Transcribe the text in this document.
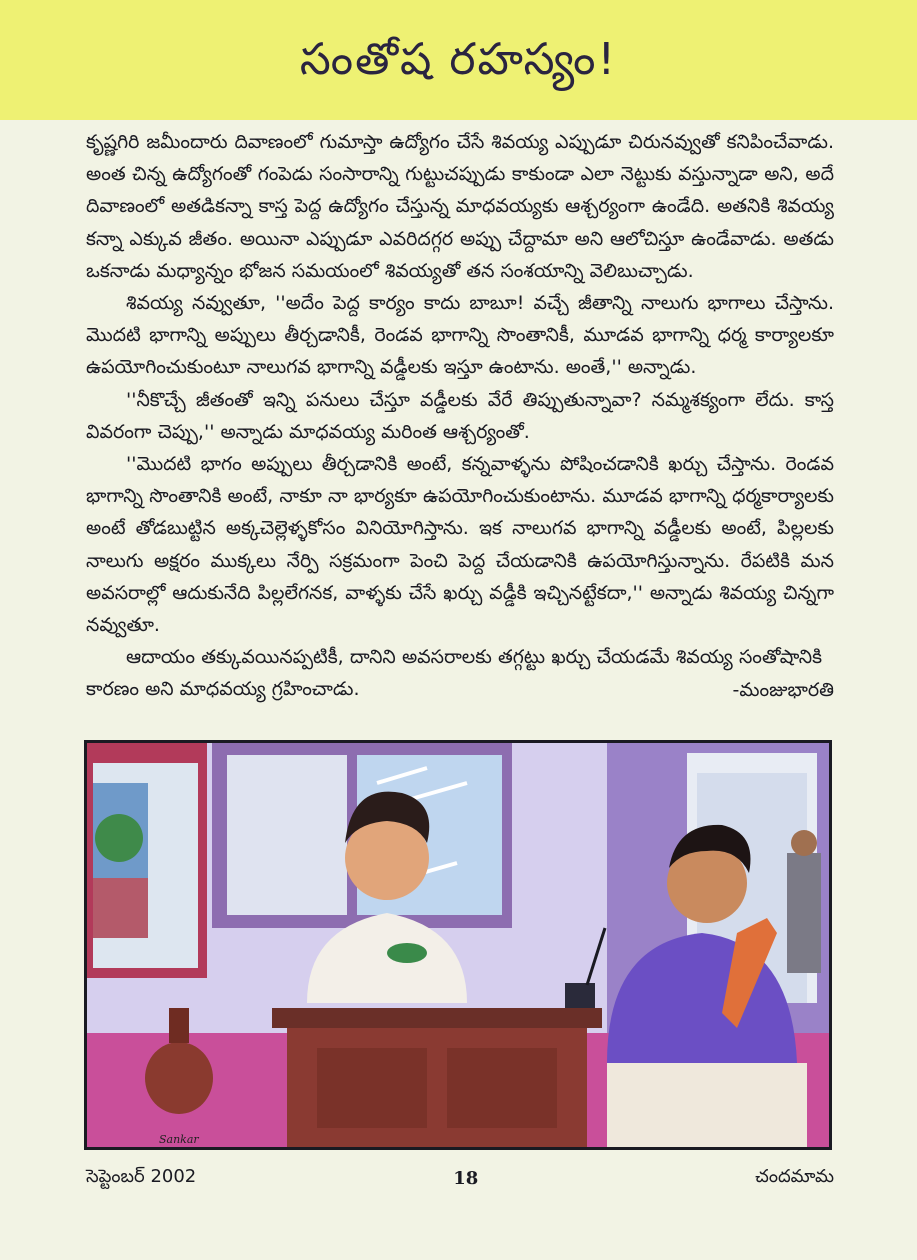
సంతోష రహస్యం!

కృష్ణగిరి జమీందారు దివాణంలో గుమాస్తా ఉద్యోగం చేసే శివయ్య ఎప్పుడూ చిరునవ్వుతో కనిపించేవాడు. అంత చిన్న ఉద్యోగంతో గంపెడు సంసారాన్ని గుట్టుచప్పుడు కాకుండా ఎలా నెట్టుకు వస్తున్నాడా అని, అదే దివాణంలో అతడికన్నా కాస్త పెద్ద ఉద్యోగం చేస్తున్న మాధవయ్యకు ఆశ్చర్యంగా ఉండేది. అతనికి శివయ్య కన్నా ఎక్కువ జీతం. అయినా ఎప్పుడూ ఎవరిదగ్గర అప్పు చేద్దామా అని ఆలోచిస్తూ ఉండేవాడు. అతడు ఒకనాడు మధ్యాన్నం భోజన సమయంలో శివయ్యతో తన సంశయాన్ని వెలిబుచ్చాడు.

శివయ్య నవ్వుతూ, ''అదేం పెద్ద కార్యం కాదు బాబూ! వచ్చే జీతాన్ని నాలుగు భాగాలు చేస్తాను. మొదటి భాగాన్ని అప్పులు తీర్చడానికీ, రెండవ భాగాన్ని సొంతానికీ, మూడవ భాగాన్ని ధర్మ కార్యాలకూ ఉపయోగించుకుంటూ నాలుగవ భాగాన్ని వడ్డీలకు ఇస్తూ ఉంటాను. అంతే,'' అన్నాడు.

''నీకొచ్చే జీతంతో ఇన్ని పనులు చేస్తూ వడ్డీలకు వేరే తిప్పుతున్నావా? నమ్మశక్యంగా లేదు. కాస్త వివరంగా చెప్పు,'' అన్నాడు మాధవయ్య మరింత ఆశ్చర్యంతో.

''మొదటి భాగం అప్పులు తీర్చడానికి అంటే, కన్నవాళ్ళను పోషించడానికి ఖర్చు చేస్తాను. రెండవ భాగాన్ని సొంతానికి అంటే, నాకూ నా భార్యకూ ఉపయోగించుకుంటాను. మూడవ భాగాన్ని ధర్మకార్యాలకు అంటే తోడబుట్టిన అక్కచెల్లెళ్ళకోసం వినియోగిస్తాను. ఇక నాలుగవ భాగాన్ని వడ్డీలకు అంటే, పిల్లలకు నాలుగు అక్షరం ముక్కలు నేర్పి సక్రమంగా పెంచి పెద్ద చేయడానికి ఉపయోగిస్తున్నాను. రేపటికి మన అవసరాల్లో ఆదుకునేది పిల్లలేగనక, వాళ్ళకు చేసే ఖర్చు వడ్డీకి ఇచ్చినట్టేకదా,'' అన్నాడు శివయ్య చిన్నగా నవ్వుతూ.

ఆదాయం తక్కువయినప్పటికీ, దానిని అవసరాలకు తగ్గట్టు ఖర్చు చేయడమే శివయ్య సంతోషానికి కారణం అని మాధవయ్య గ్రహించాడు.	-మంజుభారతి

Sankar
సెప్టెంబర్ 2002	18	చందమామ
